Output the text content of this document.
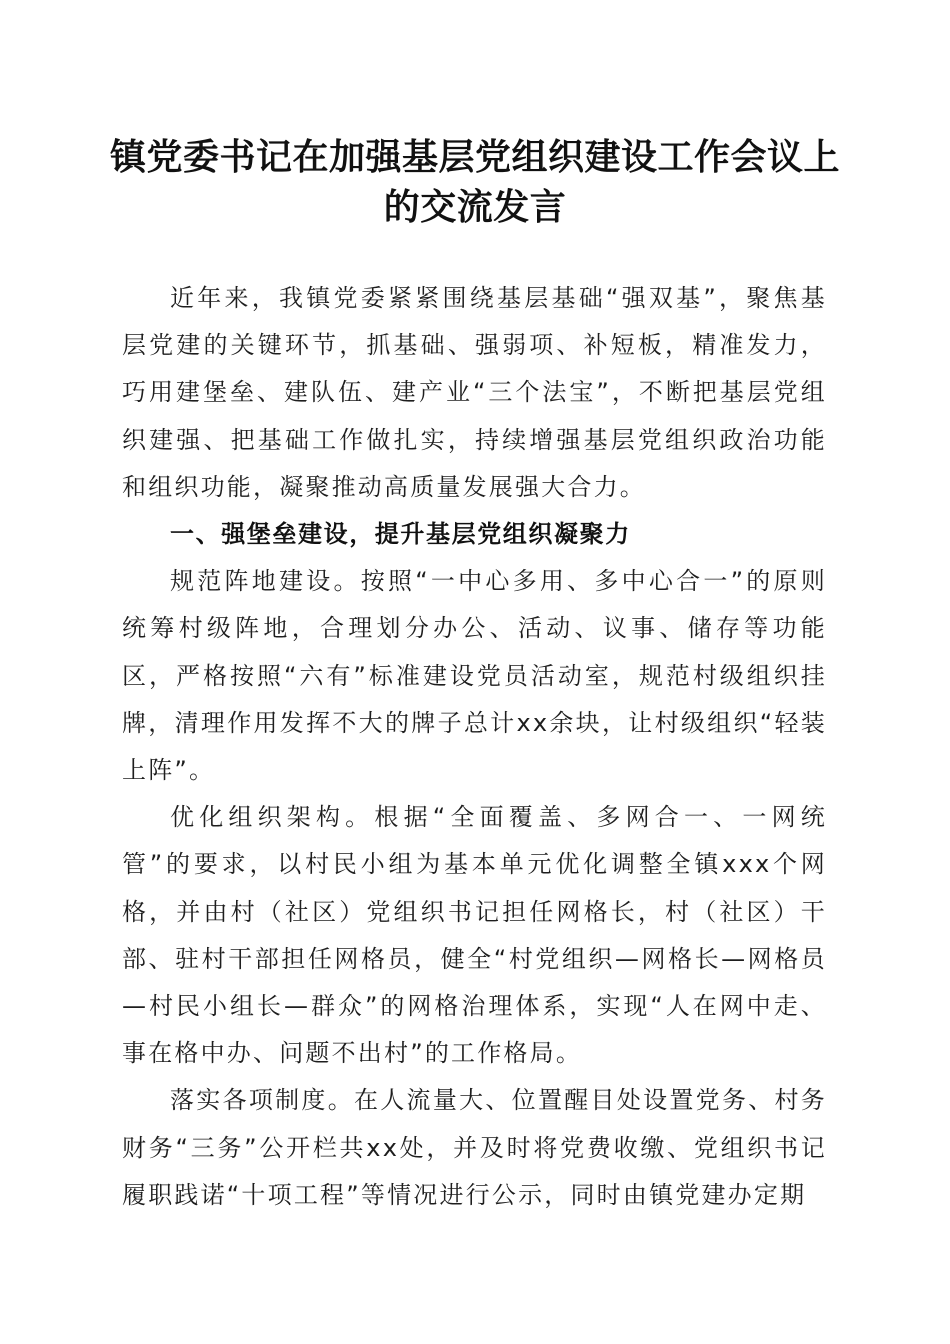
镇党委书记在加强基层党组织建设工作会议上的交流发言

近年来，我镇党委紧紧围绕基层基础“强双基”，聚焦基层党建的关键环节，抓基础、强弱项、补短板，精准发力，巧用建堡垒、建队伍、建产业“三个法宝”，不断把基层党组织建强、把基础工作做扎实，持续增强基层党组织政治功能和组织功能，凝聚推动高质量发展强大合力。

一、强堡垒建设，提升基层党组织凝聚力

规范阵地建设。按照“一中心多用、多中心合一”的原则统筹村级阵地，合理划分办公、活动、议事、储存等功能区，严格按照“六有”标准建设党员活动室，规范村级组织挂牌，清理作用发挥不大的牌子总计xx余块，让村级组织“轻装上阵”。

优化组织架构。根据“全面覆盖、多网合一、一网统管”的要求，以村民小组为基本单元优化调整全镇xxx个网格，并由村（社区）党组织书记担任网格长，村（社区）干部、驻村干部担任网格员，健全“村党组织—网格长—网格员—村民小组长—群众”的网格治理体系，实现“人在网中走、事在格中办、问题不出村”的工作格局。

落实各项制度。在人流量大、位置醒目处设置党务、村务财务“三务”公开栏共xx处，并及时将党费收缴、党组织书记履职践诺“十项工程”等情况进行公示，同时由镇党建办定期
